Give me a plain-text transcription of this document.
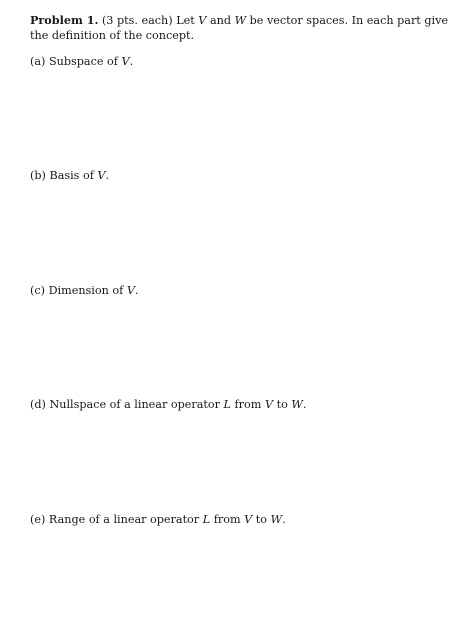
Problem 1. (3 pts. each) Let V and W be vector spaces. In each part give the definition of the concept.
(a) Subspace of V.
(b) Basis of V.
(c) Dimension of V.
(d) Nullspace of a linear operator L from V to W.
(e) Range of a linear operator L from V to W.
